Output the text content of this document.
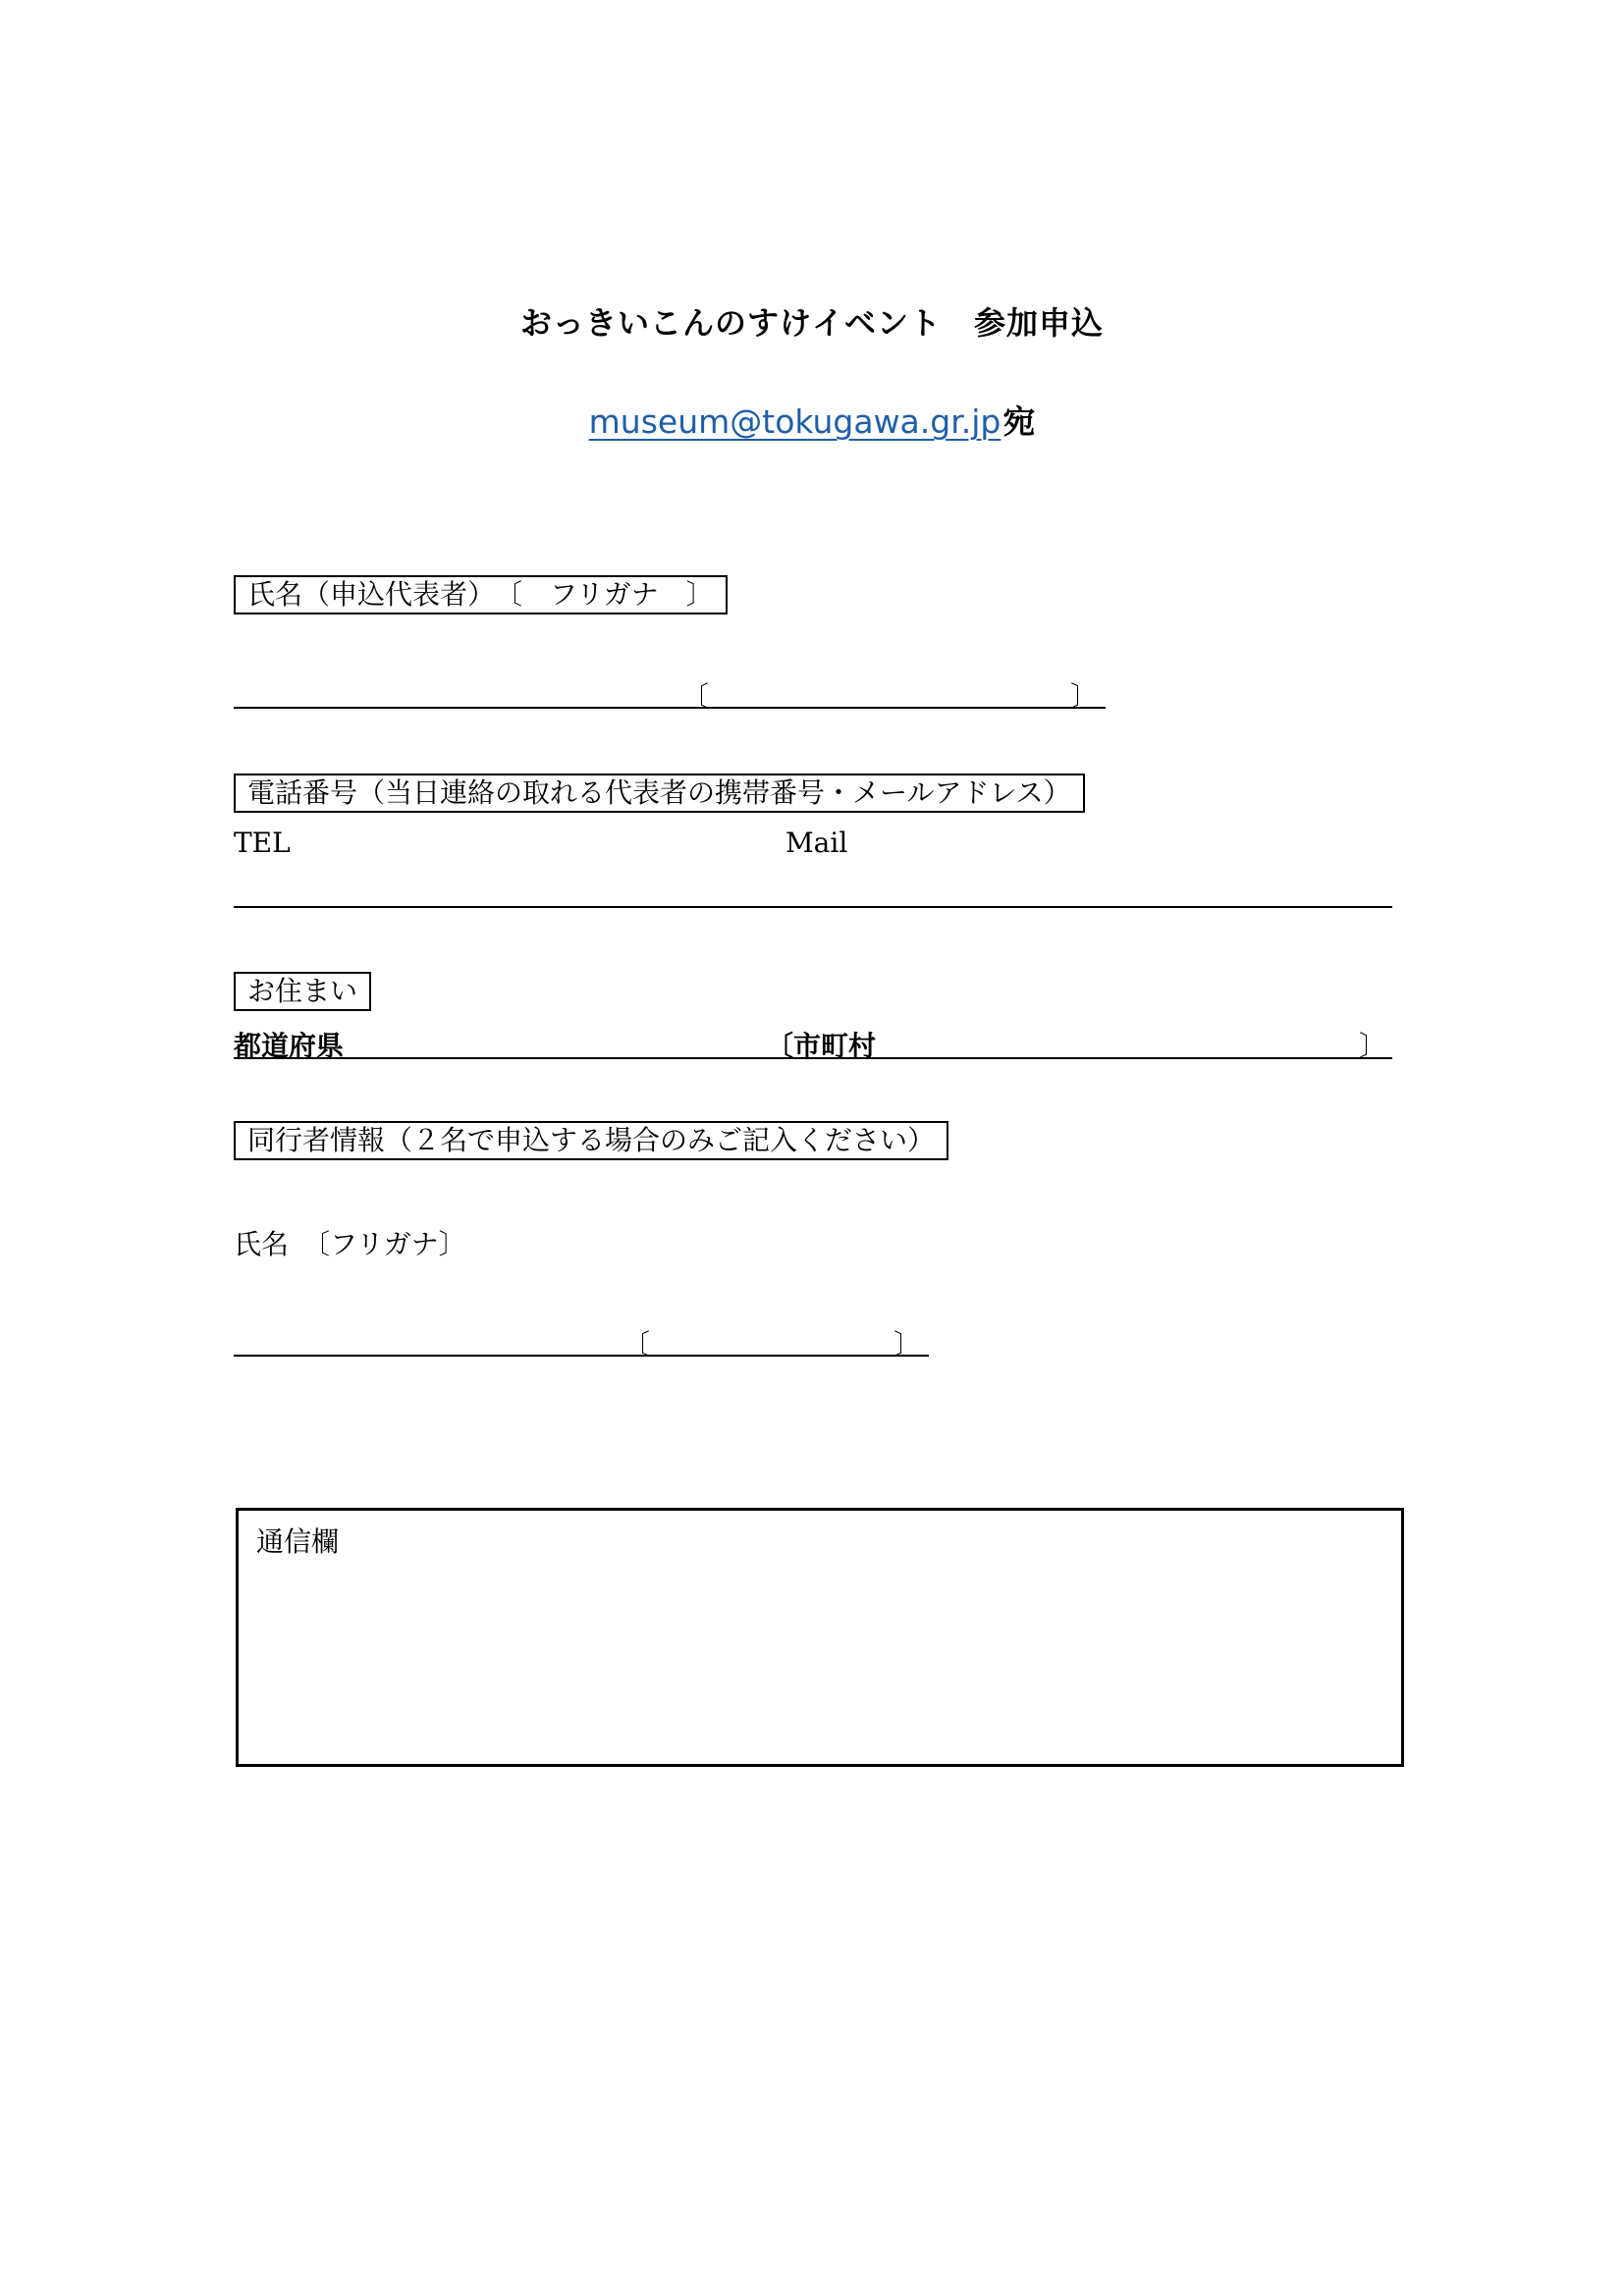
おっきいこんのすけイベント　参加申込
museum@tokugawa.gr.jp宛
氏名（申込代表者）　〔　フリガナ　〕
〔	〕
電話番号（当日連絡の取れる代表者の携帯番号・メールアドレス）
TEL	Mail
お住まい
都道府県	〔市町村	〕
同行者情報（２名で申込する場合のみご記入ください）
氏名　〔フリガナ〕
〔	〕
通信欄
